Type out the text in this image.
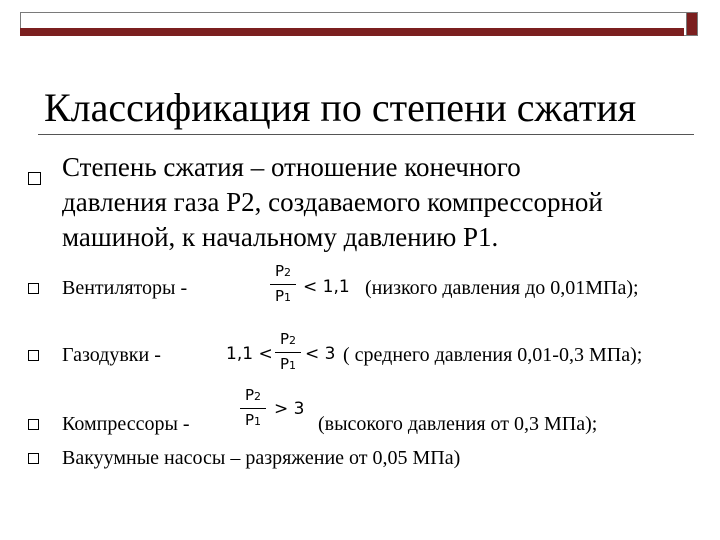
Классификация по степени сжатия
Степень сжатия – отношение конечного
давления газа Р2, создаваемого компрессорной
машиной, к начальному давлению Р1.
Вентиляторы -
P2
P1
< 1,1 (низкого давления до 0,01МПа);
Газодувки -	1,1 <
P2
P1
< 3 ( среднего давления 0,01-0,3 МПа);
Компрессоры -
P2
P1
> 3
(высокого давления от 0,3 МПа);
Вакуумные насосы – разряжение от 0,05 МПа)
